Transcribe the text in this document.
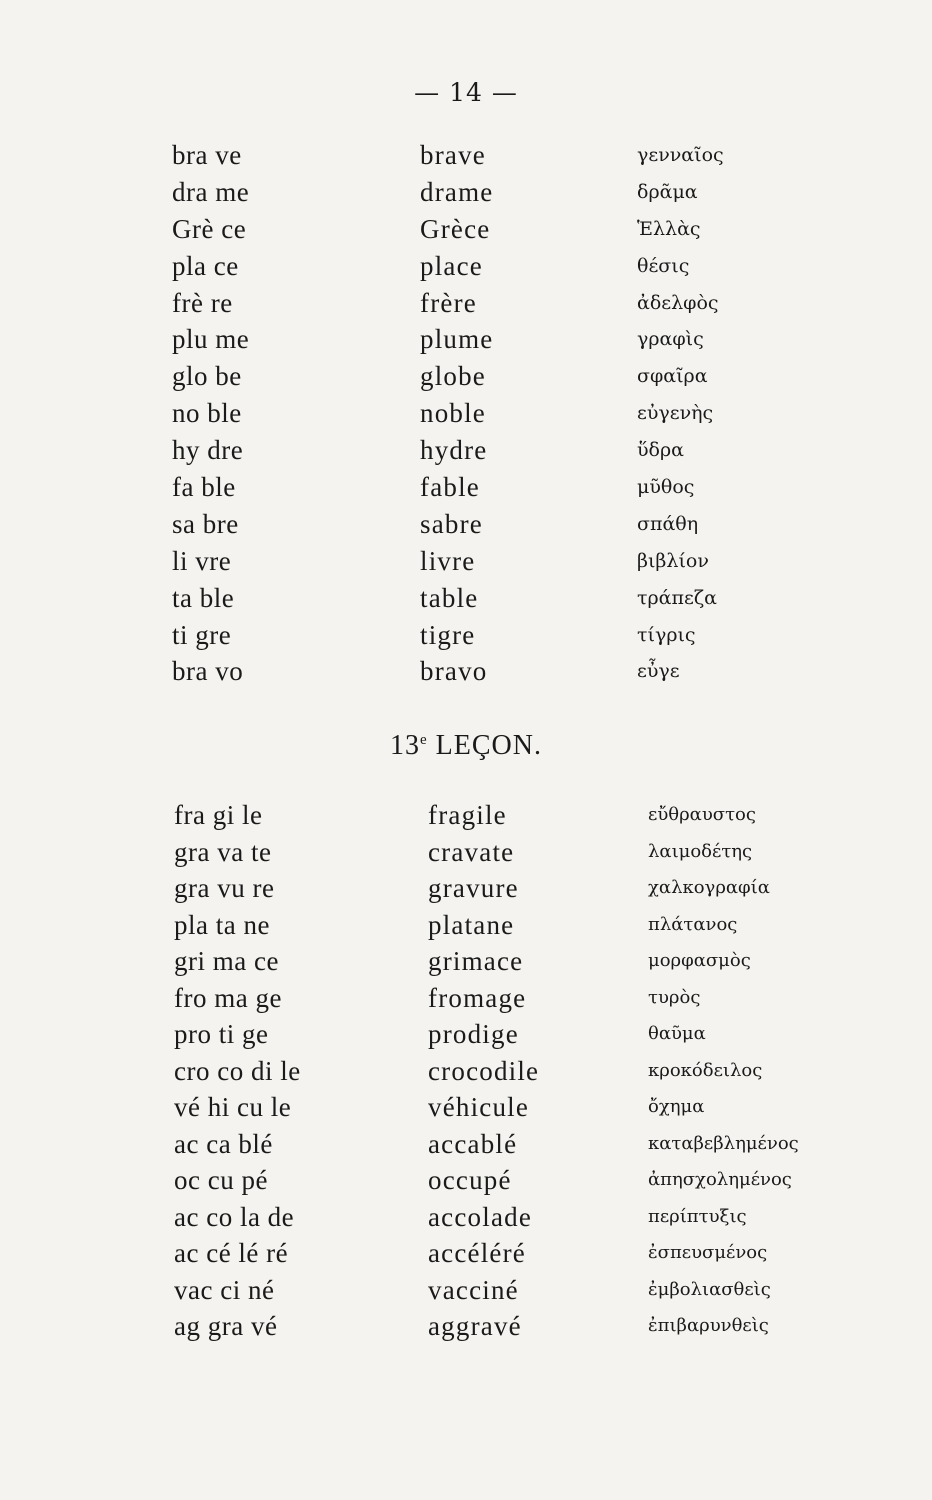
— 14 —
bra ve	brave	γενναῖος
dra me	drame	δρᾶμα
Grè ce	Grèce	Ἑλλὰς
pla ce	place	θέσις
frè re	frère	ἀδελφὸς
plu me	plume	γραφὶς
glo be	globe	σφαῖρα
no ble	noble	εὐγενὴς
hy dre	hydre	ὕδρα
fa ble	fable	μῦθος
sa bre	sabre	σπάθη
li vre	livre	βιβλίον
ta ble	table	τράπεζα
ti gre	tigre	τίγρις
bra vo	bravo	εὖγε
13e LEÇON.
fra gi le	fragile	εὔθραυστος
gra va te	cravate	λαιμοδέτης
gra vu re	gravure	χαλκογραφία
pla ta ne	platane	πλάτανος
gri ma ce	grimace	μορφασμὸς
fro ma ge	fromage	τυρὸς
pro ti ge	prodige	θαῦμα
cro co di le	crocodile	κροκόδειλος
vé hi cu le	véhicule	ὄχημα
ac ca blé	accablé	καταβεβλημένος
oc cu pé	occupé	ἀπησχολημένος
ac co la de	accolade	περίπτυξις
ac cé lé ré	accéléré	ἐσπευσμένος
vac ci né	vacciné	ἐμβολιασθεὶς
ag gra vé	aggravé	ἐπιβαρυνθεὶς
